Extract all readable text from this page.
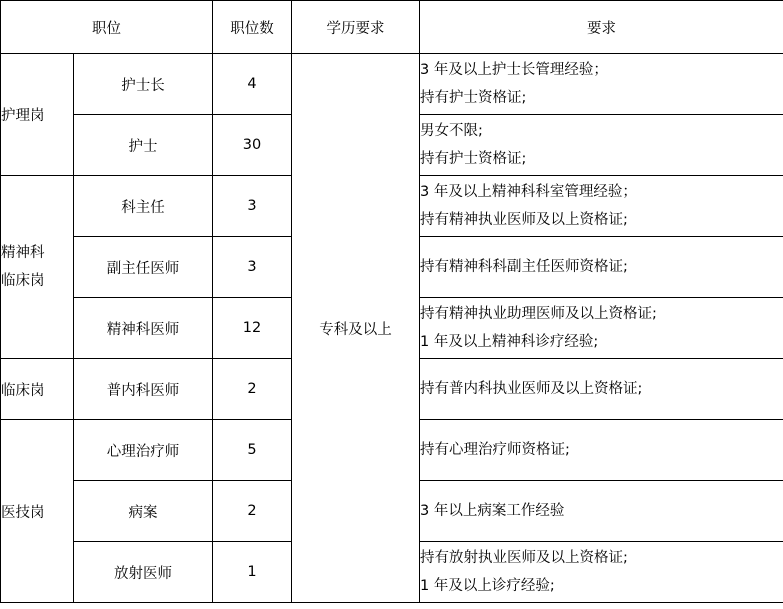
职位		职位数	学历要求	要求

护理岗	护士长	4	专科及以上	3 年及以上护士长管理经验；
持有护士资格证;

	护士	30		男女不限;
持有护士资格证;

精神科
临床岗	科主任	3		3 年及以上精神科科室管理经验；
持有精神执业医师及以上资格证;

	副主任医师	3		持有精神科科副主任医师资格证;

	精神科医师	12		持有精神执业助理医师及以上资格证;
1 年及以上精神科诊疗经验;

临床岗	普内科医师	2		持有普内科执业医师及以上资格证;

医技岗	心理治疗师	5		持有心理治疗师资格证;

	病案	2		3 年以上病案工作经验

	放射医师	1		持有放射执业医师及以上资格证;
1 年及以上诊疗经验;
